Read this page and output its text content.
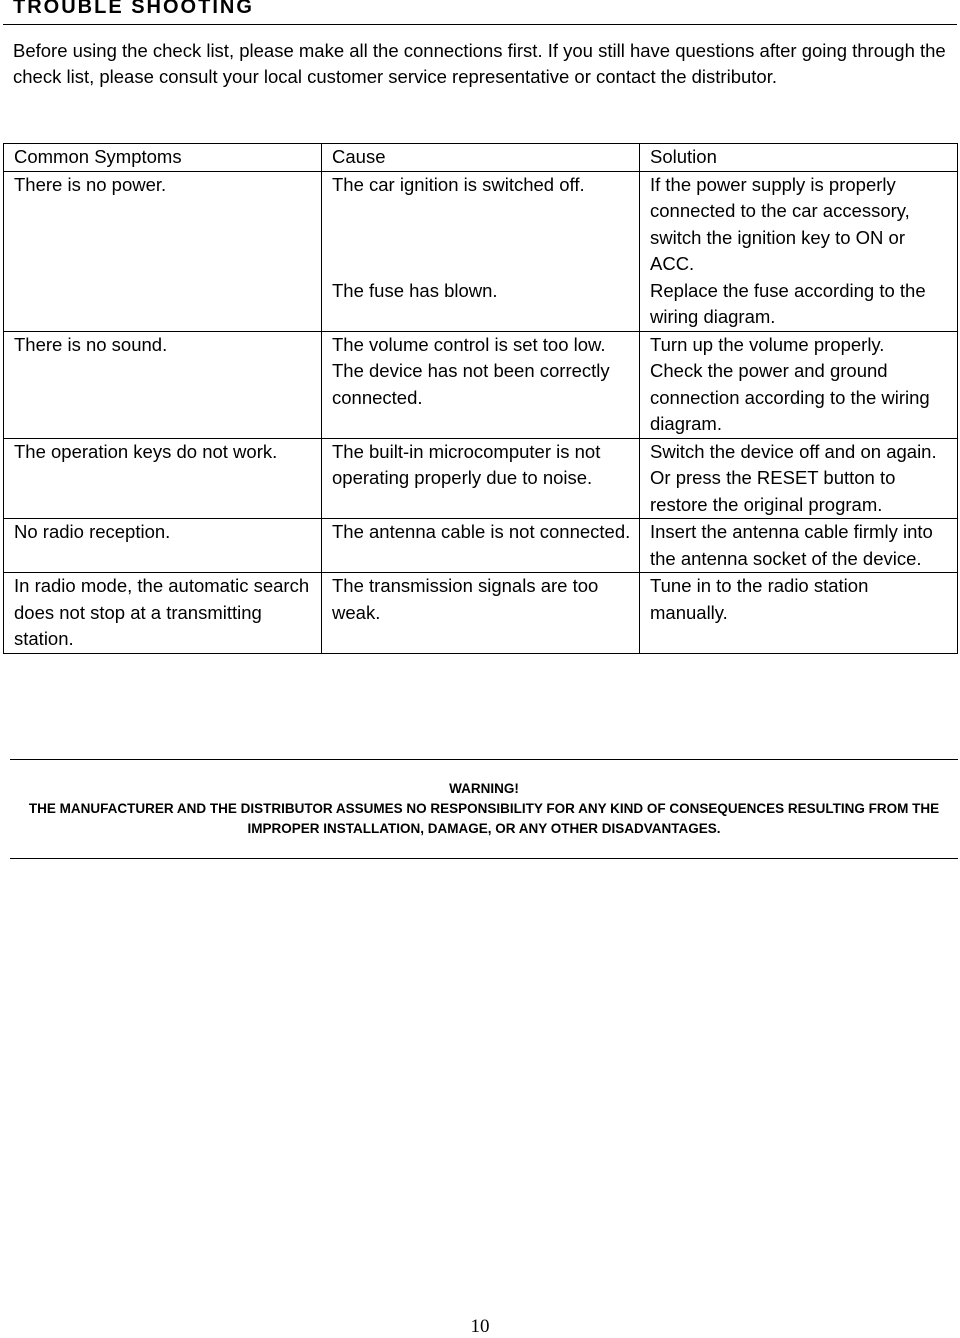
TROUBLE SHOOTING
Before using the check list, please make all the connections first. If you still have questions after going through the check list, please consult your local customer service representative or contact the distributor.
Common Symptoms	Cause	Solution
There is no power.	The car ignition is switched off.	If the power supply is properly connected to the car accessory, switch the ignition key to ON or ACC.
	The fuse has blown.	Replace the fuse according to the wiring diagram.
There is no sound.	The volume control is set too low.	Turn up the volume properly.
	The device has not been correctly connected.	Check the power and ground connection according to the wiring diagram.
The operation keys do not work.	The built-in microcomputer is not operating properly due to noise.	Switch the device off and on again. Or press the RESET button to restore the original program.
No radio reception.	The antenna cable is not connected.	Insert the antenna cable firmly into the antenna socket of the device.
In radio mode, the automatic search does not stop at a transmitting station.	The transmission signals are too weak.	Tune in to the radio station manually.
WARNING!
THE MANUFACTURER AND THE DISTRIBUTOR ASSUMES NO RESPONSIBILITY FOR ANY KIND OF CONSEQUENCES RESULTING FROM THE IMPROPER INSTALLATION, DAMAGE, OR ANY OTHER DISADVANTAGES.
10
